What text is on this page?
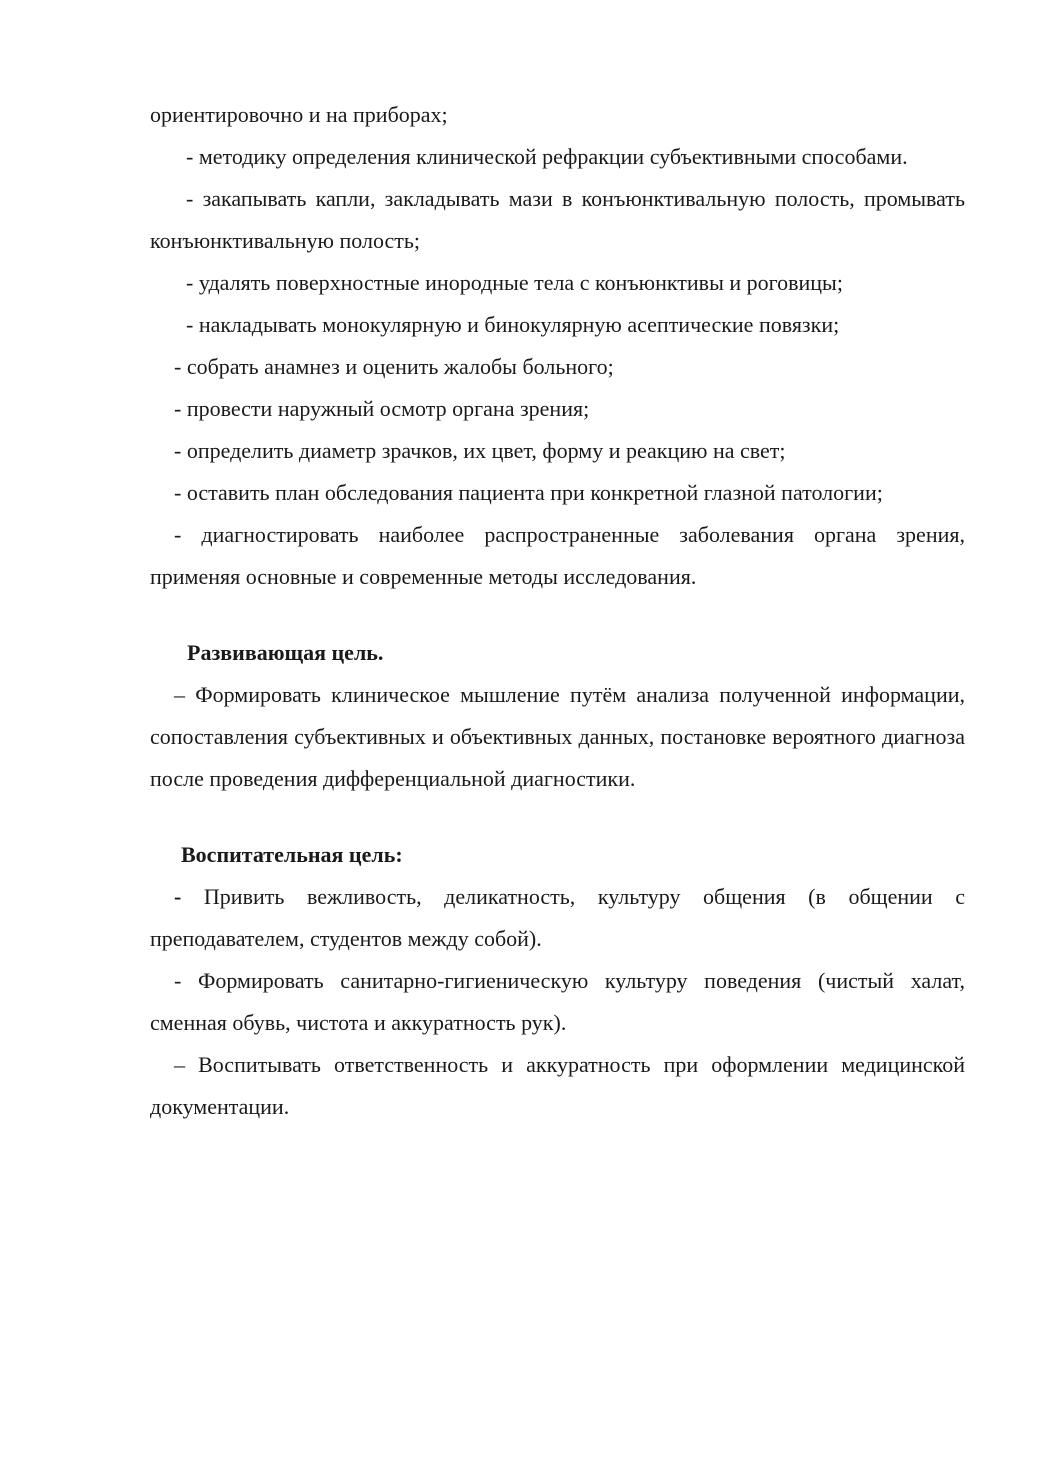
ориентировочно и на приборах;

- методику определения клинической рефракции субъективными способами.

- закапывать капли, закладывать мази в конъюнктивальную полость, промывать конъюнктивальную полость;

- удалять поверхностные инородные тела с конъюнктивы и роговицы;

- накладывать монокулярную и бинокулярную асептические повязки;

- собрать анамнез и оценить жалобы больного;

- провести наружный осмотр органа зрения;

- определить диаметр зрачков, их цвет, форму и реакцию на свет;

- оставить план обследования пациента при конкретной глазной патологии;

- диагностировать наиболее распространенные заболевания органа зрения, применяя основные и современные методы исследования.

Развивающая цель.

– Формировать клиническое мышление путём анализа полученной информации, сопоставления субъективных и объективных данных, постановке вероятного диагноза после проведения дифференциальной диагностики.

Воспитательная цель:

- Привить вежливость, деликатность, культуру общения (в общении с преподавателем, студентов между собой).

- Формировать санитарно-гигиеническую культуру поведения (чистый халат, сменная обувь, чистота и аккуратность рук).

– Воспитывать ответственность и аккуратность при оформлении медицинской документации.
